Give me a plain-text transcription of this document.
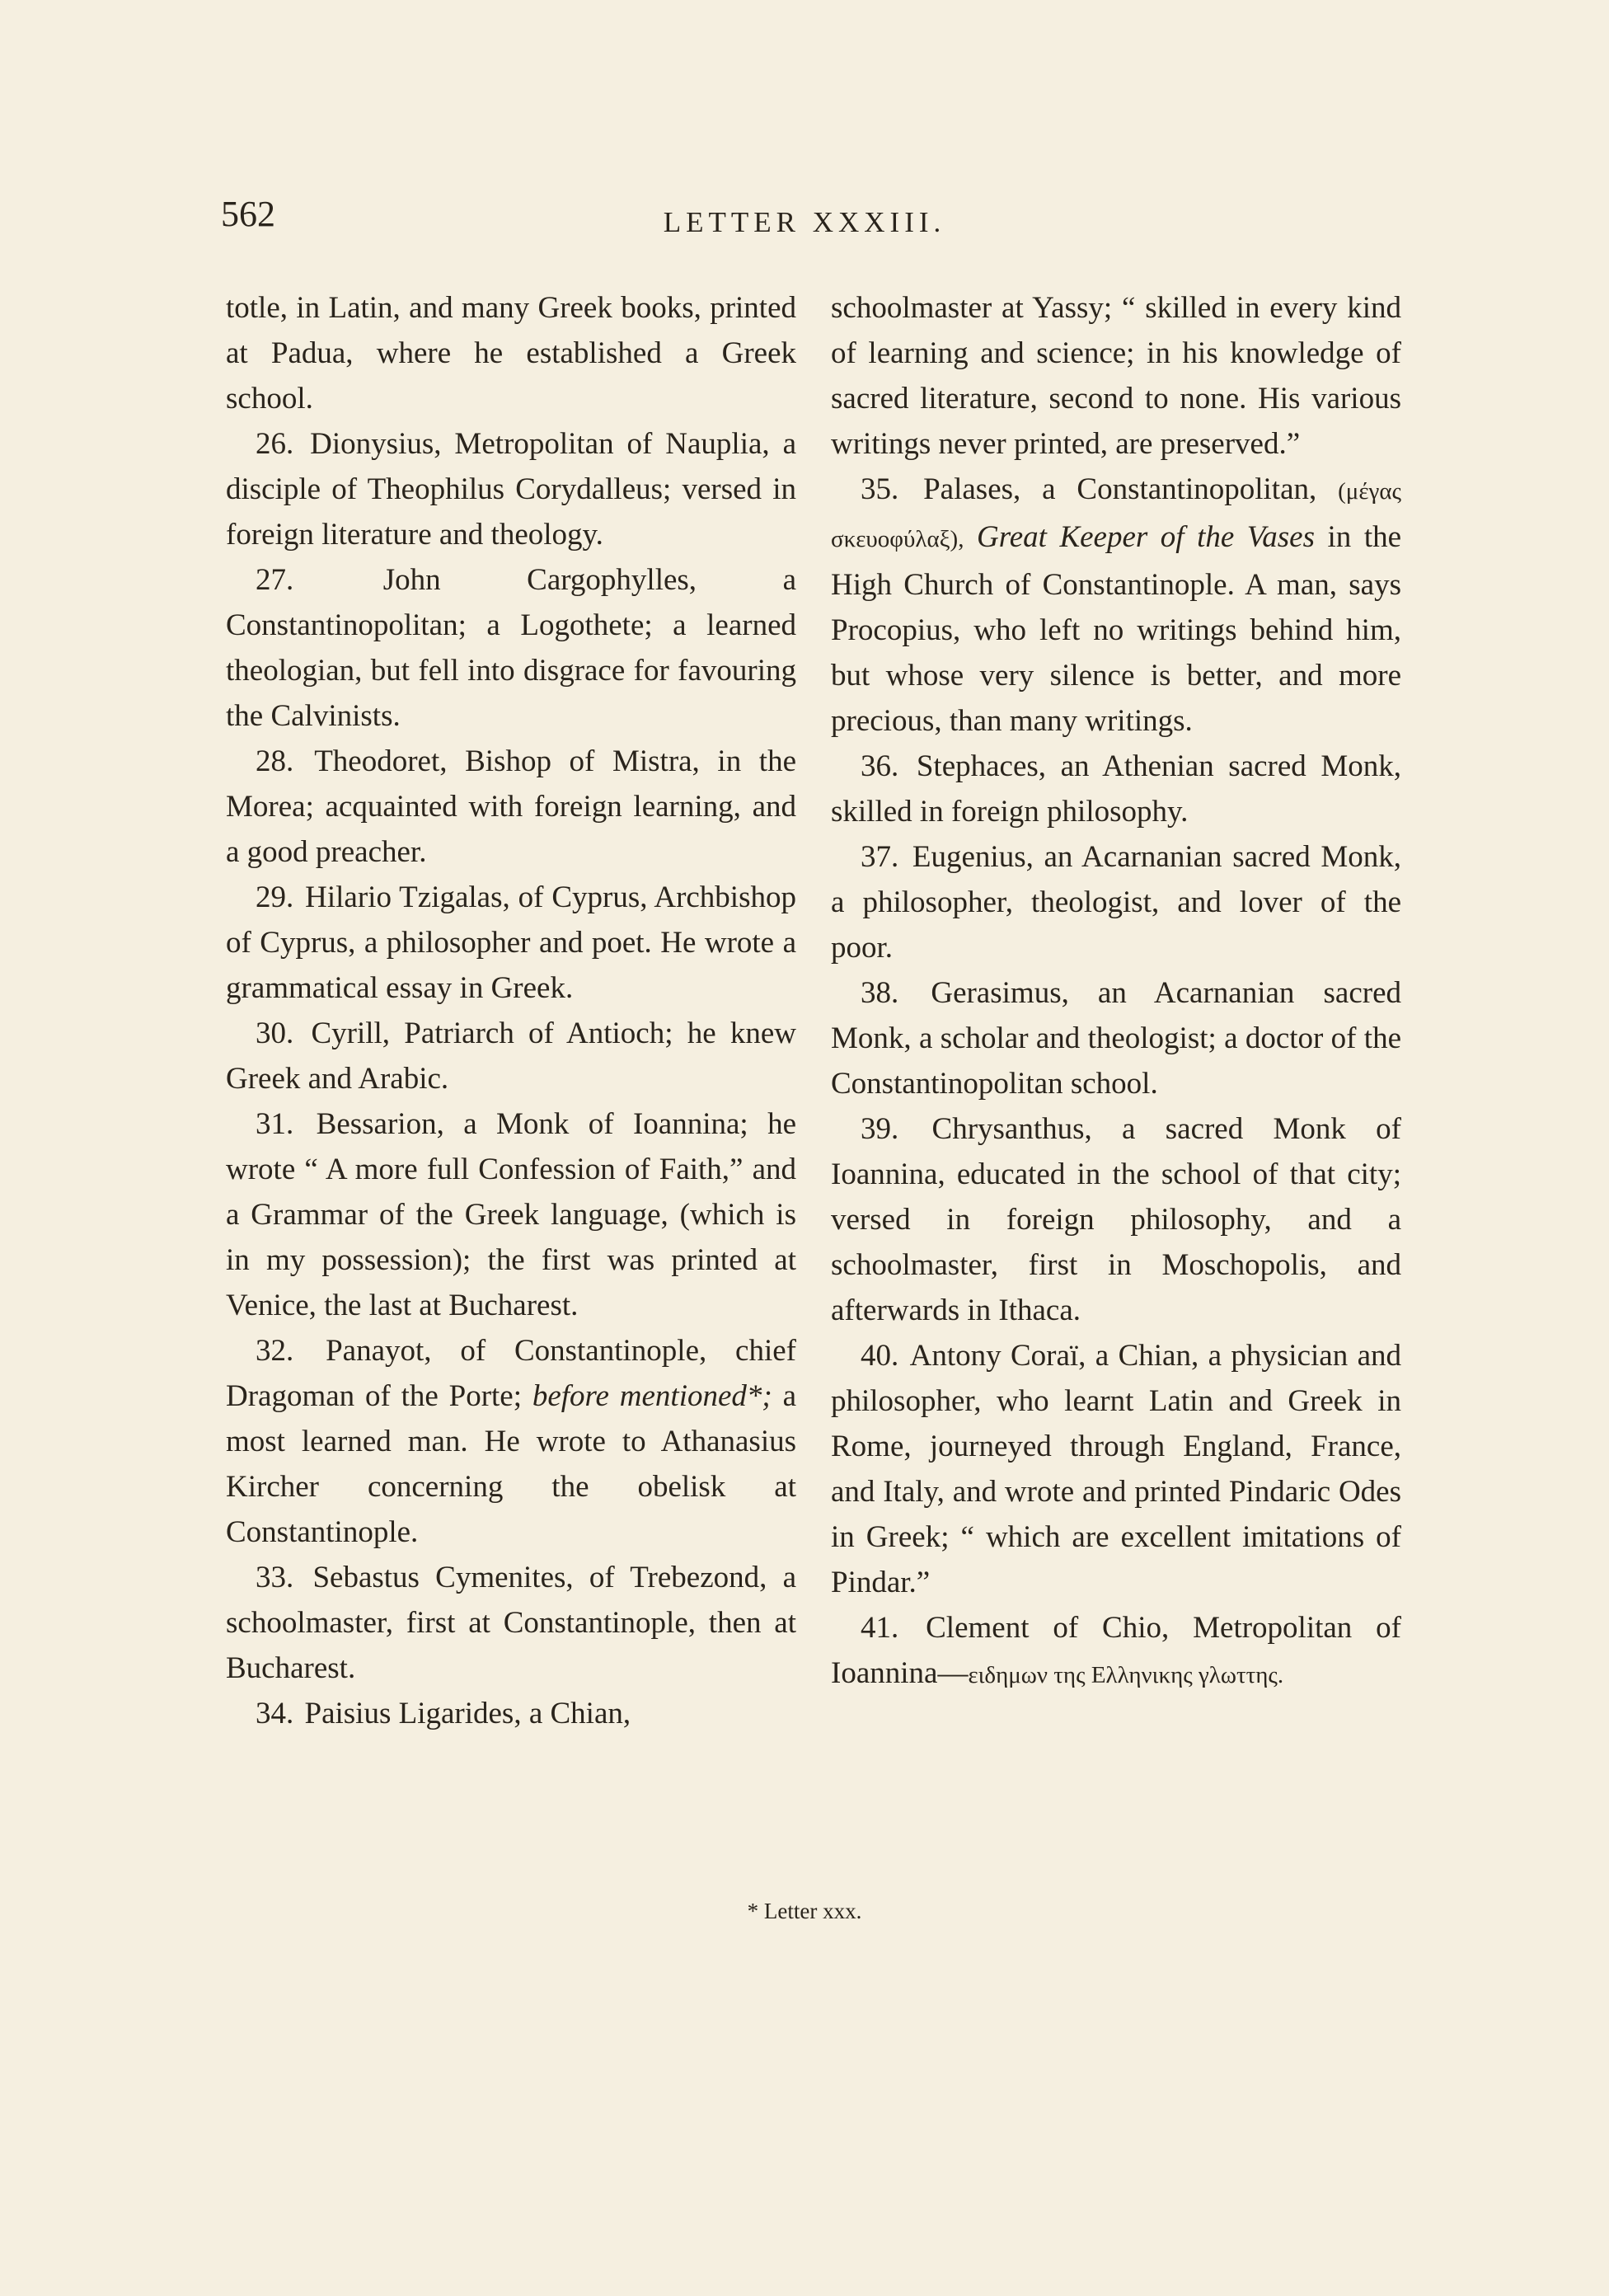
562	LETTER XXXIII.

totle, in Latin, and many Greek books, printed at Padua, where he established a Greek school.

26. Dionysius, Metropolitan of Nauplia, a disciple of Theophilus Corydalleus; versed in foreign literature and theology.

27.	John Cargophylles, a Constantinopolitan; a Logothete; a learned theologian, but fell into disgrace for favouring the Calvinists.

28. Theodoret, Bishop of Mistra, in the Morea; acquainted with foreign learning, and a good preacher.

29. Hilario Tzigalas, of Cyprus, Archbishop of Cyprus, a philosopher and poet. He wrote a grammatical essay in Greek.

30. Cyrill, Patriarch of Antioch; he knew Greek and Arabic.

31. Bessarion, a Monk of Ioannina; he wrote “ A more full Confession of Faith,” and a Grammar of the Greek language, (which is in my possession); the first was printed at Venice, the last at Bucharest.

32. Panayot, of Constantinople, chief Dragoman of the Porte; before mentioned*; a most learned man. He wrote to Athanasius Kircher concerning the obelisk at Constantinople.

33. Sebastus Cymenites, of Trebezond, a schoolmaster, first at Constantinople, then at Bucharest.

34. Paisius Ligarides, a Chian,

schoolmaster at Yassy; “ skilled in every kind of learning and science; in his knowledge of sacred literature, second to none. His various writings never printed, are preserved.”

35. Palases, a Constantinopolitan, (μέγας σκευοφύλαξ), Great Keeper of the Vases in the High Church of Constantinople. A man, says Procopius, who left no writings behind him, but whose very silence is better, and more precious, than many writings.

36. Stephaces, an Athenian sacred Monk, skilled in foreign philosophy.

37. Eugenius, an Acarnanian sacred Monk, a philosopher, theologist, and lover of the poor.

38. Gerasimus, an Acarnanian sacred Monk, a scholar and theologist; a doctor of the Constantinopolitan school.

39. Chrysanthus, a sacred Monk of Ioannina, educated in the school of that city; versed in foreign philosophy, and a schoolmaster, first in Moschopolis, and afterwards in Ithaca.

40. Antony Coraï, a Chian, a physician and philosopher, who learnt Latin and Greek in Rome, journeyed through England, France, and Italy, and wrote and printed Pindaric Odes in Greek; “ which are excellent imitations of Pindar.”

41. Clement of Chio, Metropolitan of Ioannina—ειδημων της Ελληνικης γλωττης.

* Letter xxx.
